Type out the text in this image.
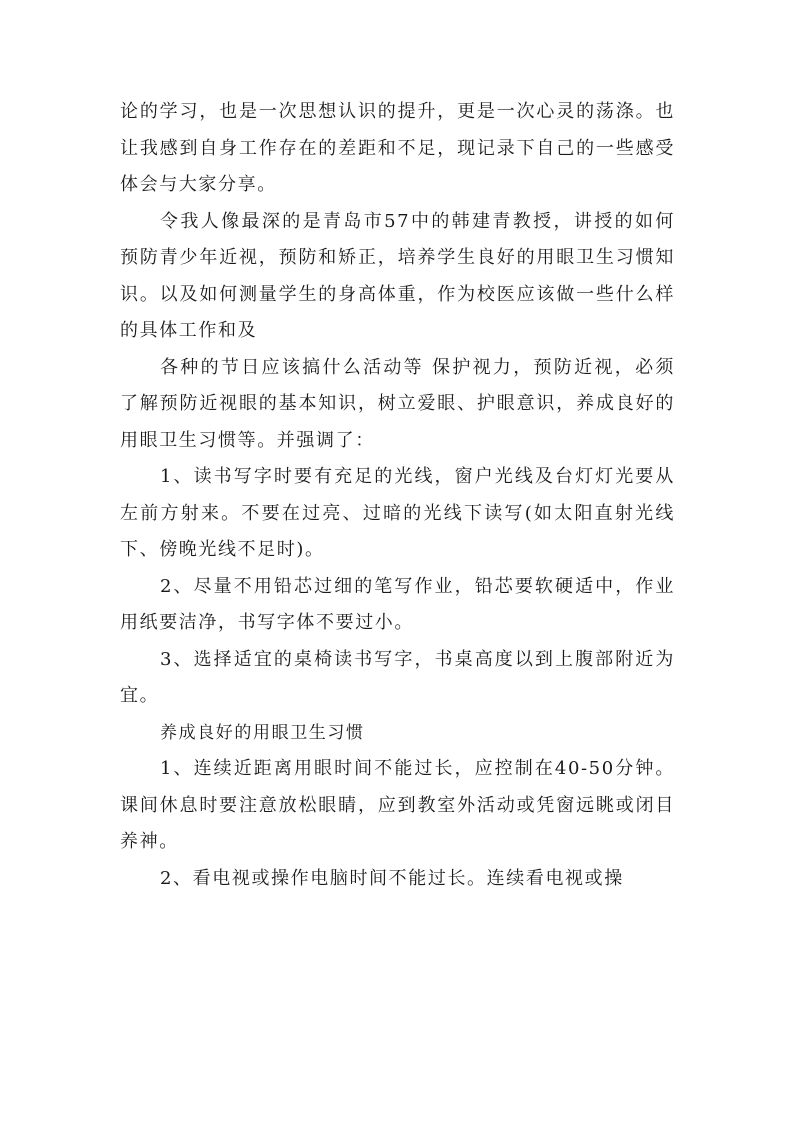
论的学习，也是一次思想认识的提升，更是一次心灵的荡涤。也让我感到自身工作存在的差距和不足，现记录下自己的一些感受体会与大家分享。

令我人像最深的是青岛市57中的韩建青教授，讲授的如何预防青少年近视，预防和矫正，培养学生良好的用眼卫生习惯知识。以及如何测量学生的身高体重，作为校医应该做一些什么样的具体工作和及

各种的节日应该搞什么活动等 保护视力，预防近视，必须了解预防近视眼的基本知识，树立爱眼、护眼意识，养成良好的用眼卫生习惯等。并强调了：

1、读书写字时要有充足的光线，窗户光线及台灯灯光要从左前方射来。不要在过亮、过暗的光线下读写(如太阳直射光线下、傍晚光线不足时)。

2、尽量不用铅芯过细的笔写作业，铅芯要软硬适中，作业用纸要洁净，书写字体不要过小。

3、选择适宜的桌椅读书写字，书桌高度以到上腹部附近为宜。

养成良好的用眼卫生习惯

1、连续近距离用眼时间不能过长，应控制在40-50分钟。课间休息时要注意放松眼睛，应到教室外活动或凭窗远眺或闭目养神。

2、看电视或操作电脑时间不能过长。连续看电视或操
